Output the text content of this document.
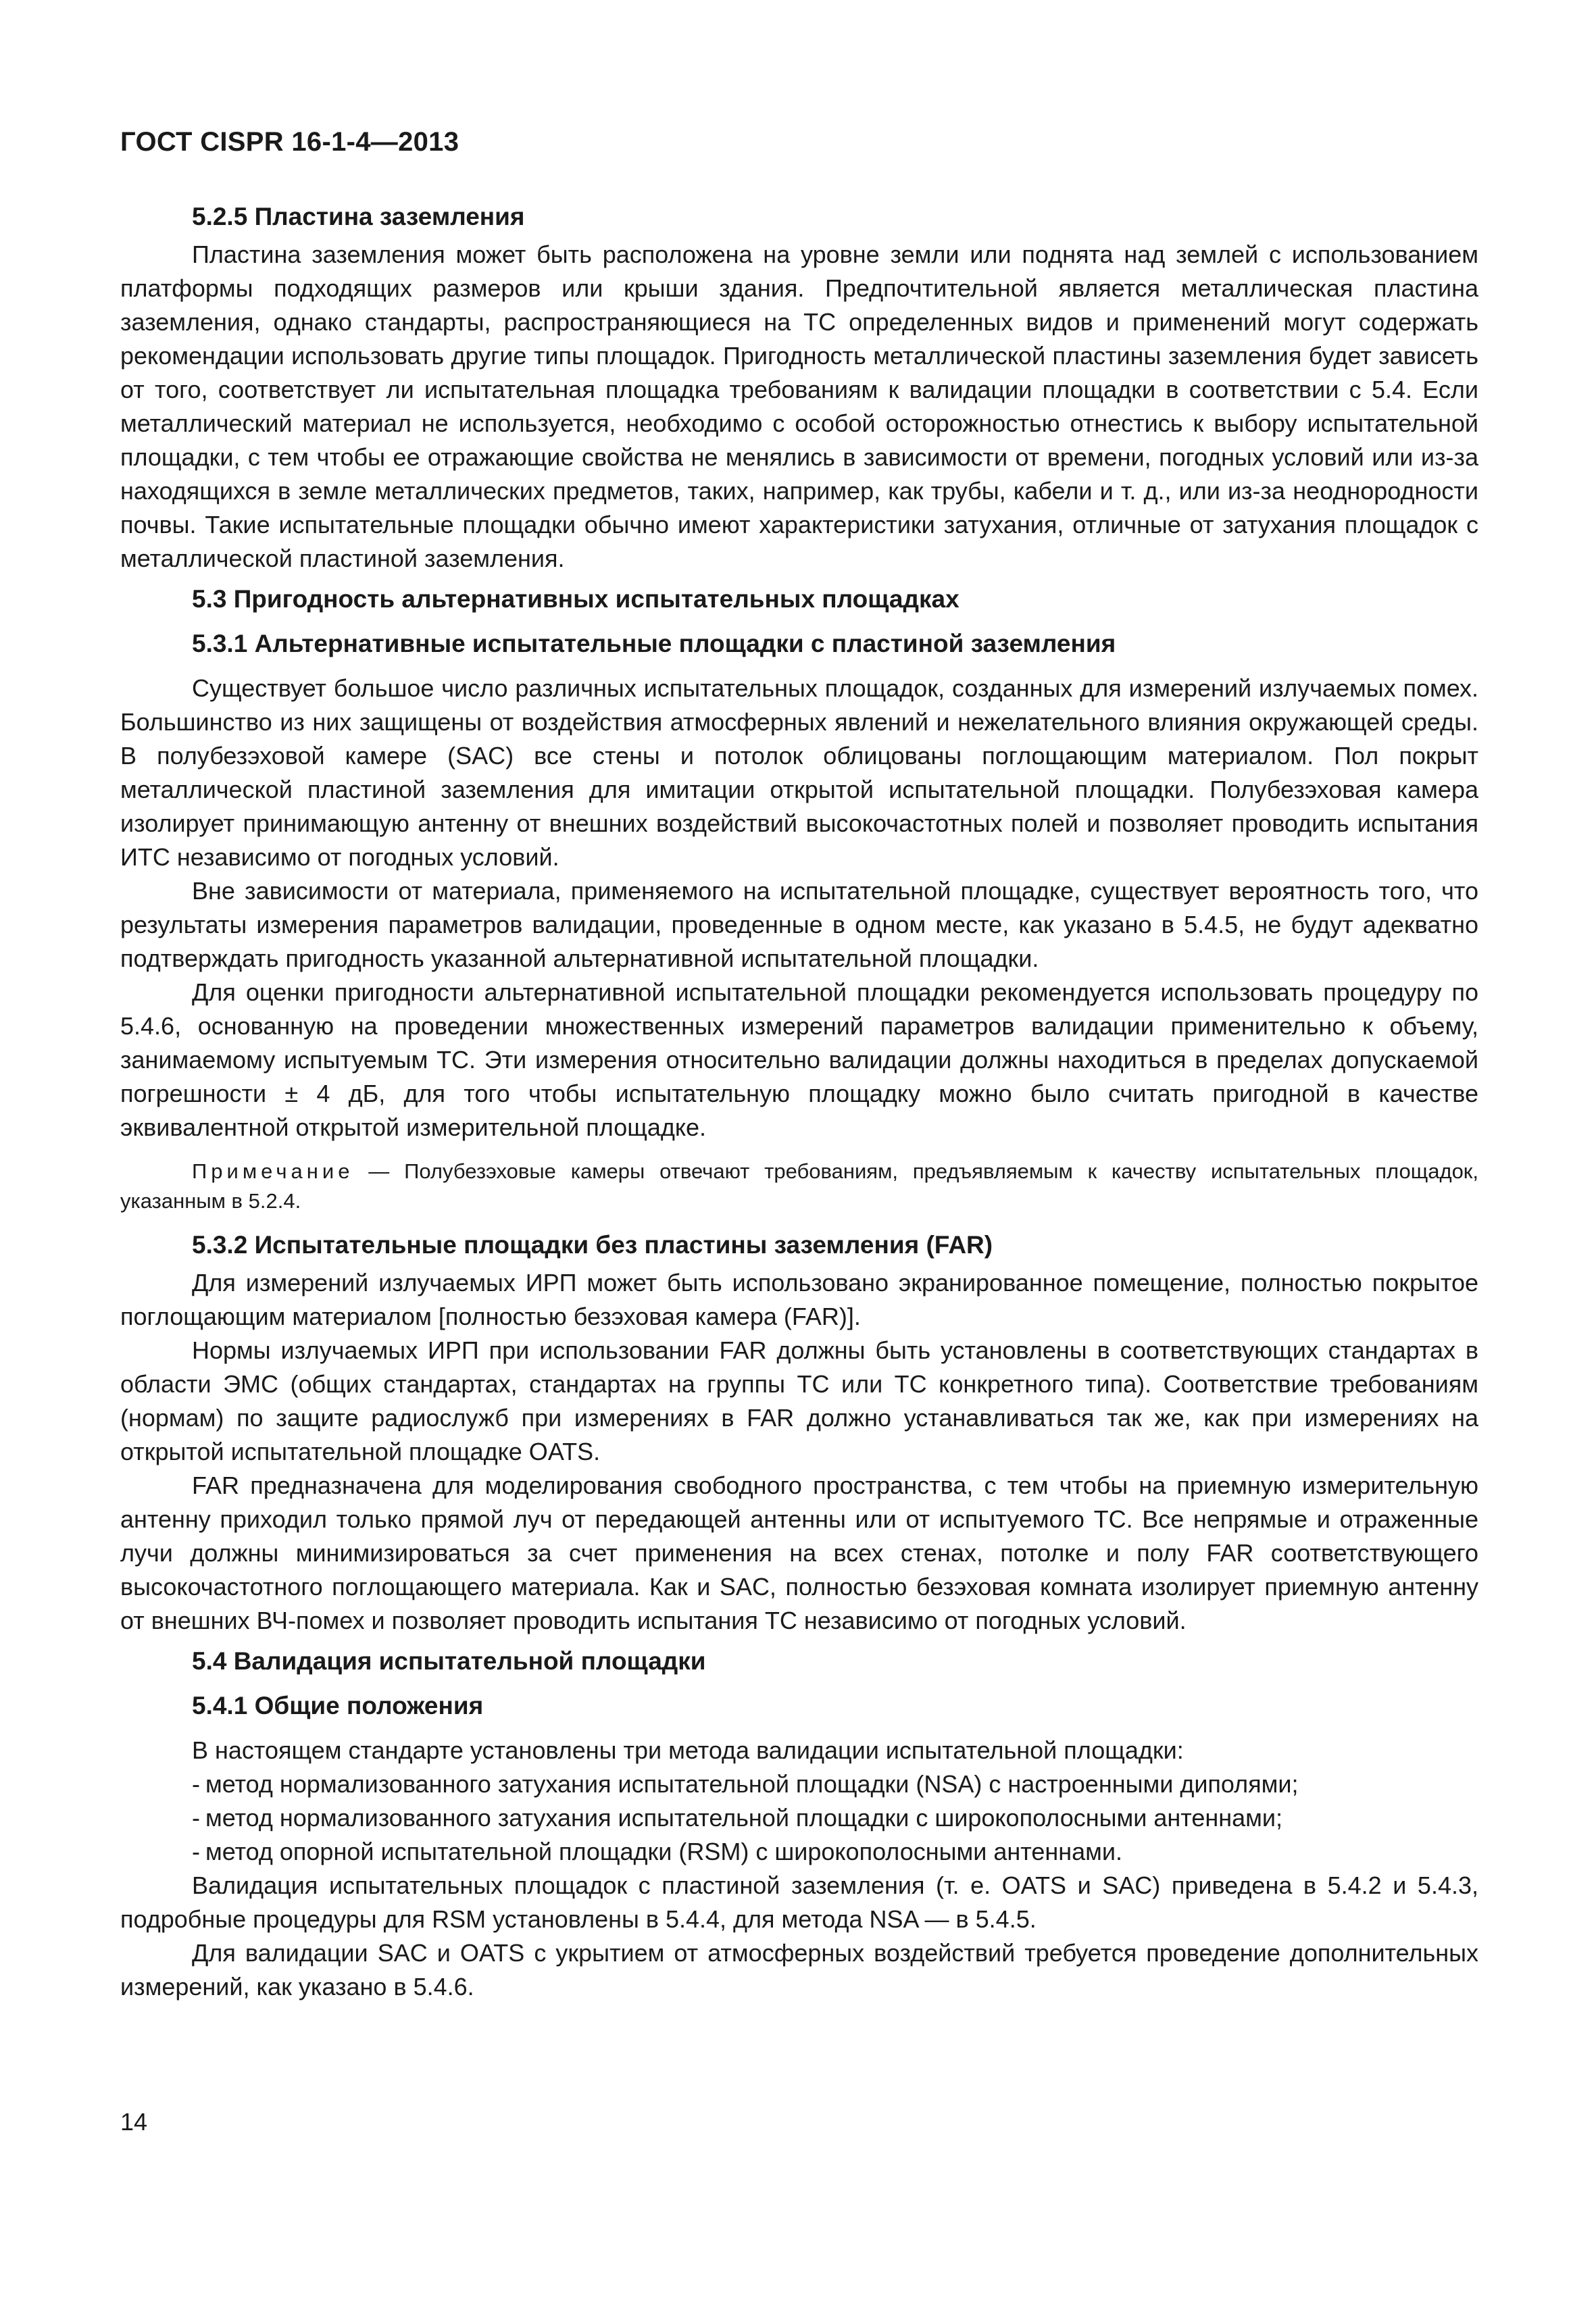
ГОСТ CISPR 16-1-4—2013

5.2.5 Пластина заземления

Пластина заземления может быть расположена на уровне земли или поднята над землей с использованием платформы подходящих размеров или крыши здания. Предпочтительной является металлическая пластина заземления, однако стандарты, распространяющиеся на ТС определенных видов и применений могут содержать рекомендации использовать другие типы площадок. Пригодность металлической пластины заземления будет зависеть от того, соответствует ли испытательная площадка требованиям к валидации площадки в соответствии с 5.4. Если металлический материал не используется, необходимо с особой осторожностью отнестись к выбору испытательной площадки, с тем чтобы ее отражающие свойства не менялись в зависимости от времени, погодных условий или из-за находящихся в земле металлических предметов, таких, например, как трубы, кабели и т. д., или из-за неоднородности почвы. Такие испытательные площадки обычно имеют характеристики затухания, отличные от затухания площадок с металлической пластиной заземления.

5.3 Пригодность альтернативных испытательных площадках

5.3.1 Альтернативные испытательные площадки с пластиной заземления

Существует большое число различных испытательных площадок, созданных для измерений излучаемых помех. Большинство из них защищены от воздействия атмосферных явлений и нежелательного влияния окружающей среды. В полубезэховой камере (SAC) все стены и потолок облицованы поглощающим материалом. Пол покрыт металлической пластиной заземления для имитации открытой испытательной площадки. Полубезэховая камера изолирует принимающую антенну от внешних воздействий высокочастотных полей и позволяет проводить испытания ИТС независимо от погодных условий.

Вне зависимости от материала, применяемого на испытательной площадке, существует вероятность того, что результаты измерения параметров валидации, проведенные в одном месте, как указано в 5.4.5, не будут адекватно подтверждать пригодность указанной альтернативной испытательной площадки.

Для оценки пригодности альтернативной испытательной площадки рекомендуется использовать процедуру по 5.4.6, основанную на проведении множественных измерений параметров валидации применительно к объему, занимаемому испытуемым ТС. Эти измерения относительно валидации должны находиться в пределах допускаемой погрешности ± 4 дБ, для того чтобы испытательную площадку можно было считать пригодной в качестве эквивалентной открытой измерительной площадке.

Примечание — Полубезэховые камеры отвечают требованиям, предъявляемым к качеству испытательных площадок, указанным в 5.2.4.

5.3.2 Испытательные площадки без пластины заземления (FAR)

Для измерений излучаемых ИРП может быть использовано экранированное помещение, полностью покрытое поглощающим материалом [полностью безэховая камера (FAR)].

Нормы излучаемых ИРП при использовании FAR должны быть установлены в соответствующих стандартах в области ЭМС (общих стандартах, стандартах на группы ТС или ТС конкретного типа). Соответствие требованиям (нормам) по защите радиослужб при измерениях в FAR должно устанавливаться так же, как при измерениях на открытой испытательной площадке OATS.

FAR предназначена для моделирования свободного пространства, с тем чтобы на приемную измерительную антенну приходил только прямой луч от передающей антенны или от испытуемого ТС. Все непрямые и отраженные лучи должны минимизироваться за счет применения на всех стенах, потолке и полу FAR соответствующего высокочастотного поглощающего материала. Как и SAC, полностью безэховая комната изолирует приемную антенну от внешних ВЧ-помех и позволяет проводить испытания ТС независимо от погодных условий.

5.4 Валидация испытательной площадки

5.4.1 Общие положения

В настоящем стандарте установлены три метода валидации испытательной площадки:

- метод нормализованного затухания испытательной площадки (NSA) с настроенными диполями;
- метод нормализованного затухания испытательной площадки с широкополосными антеннами;
- метод опорной испытательной площадки (RSM) с широкополосными антеннами.

Валидация испытательных площадок с пластиной заземления (т. е. OATS и SAC) приведена в 5.4.2 и 5.4.3, подробные процедуры для RSM установлены в 5.4.4, для метода NSA — в 5.4.5.

Для валидации SAC и OATS с укрытием от атмосферных воздействий требуется проведение дополнительных измерений, как указано в 5.4.6.

14
